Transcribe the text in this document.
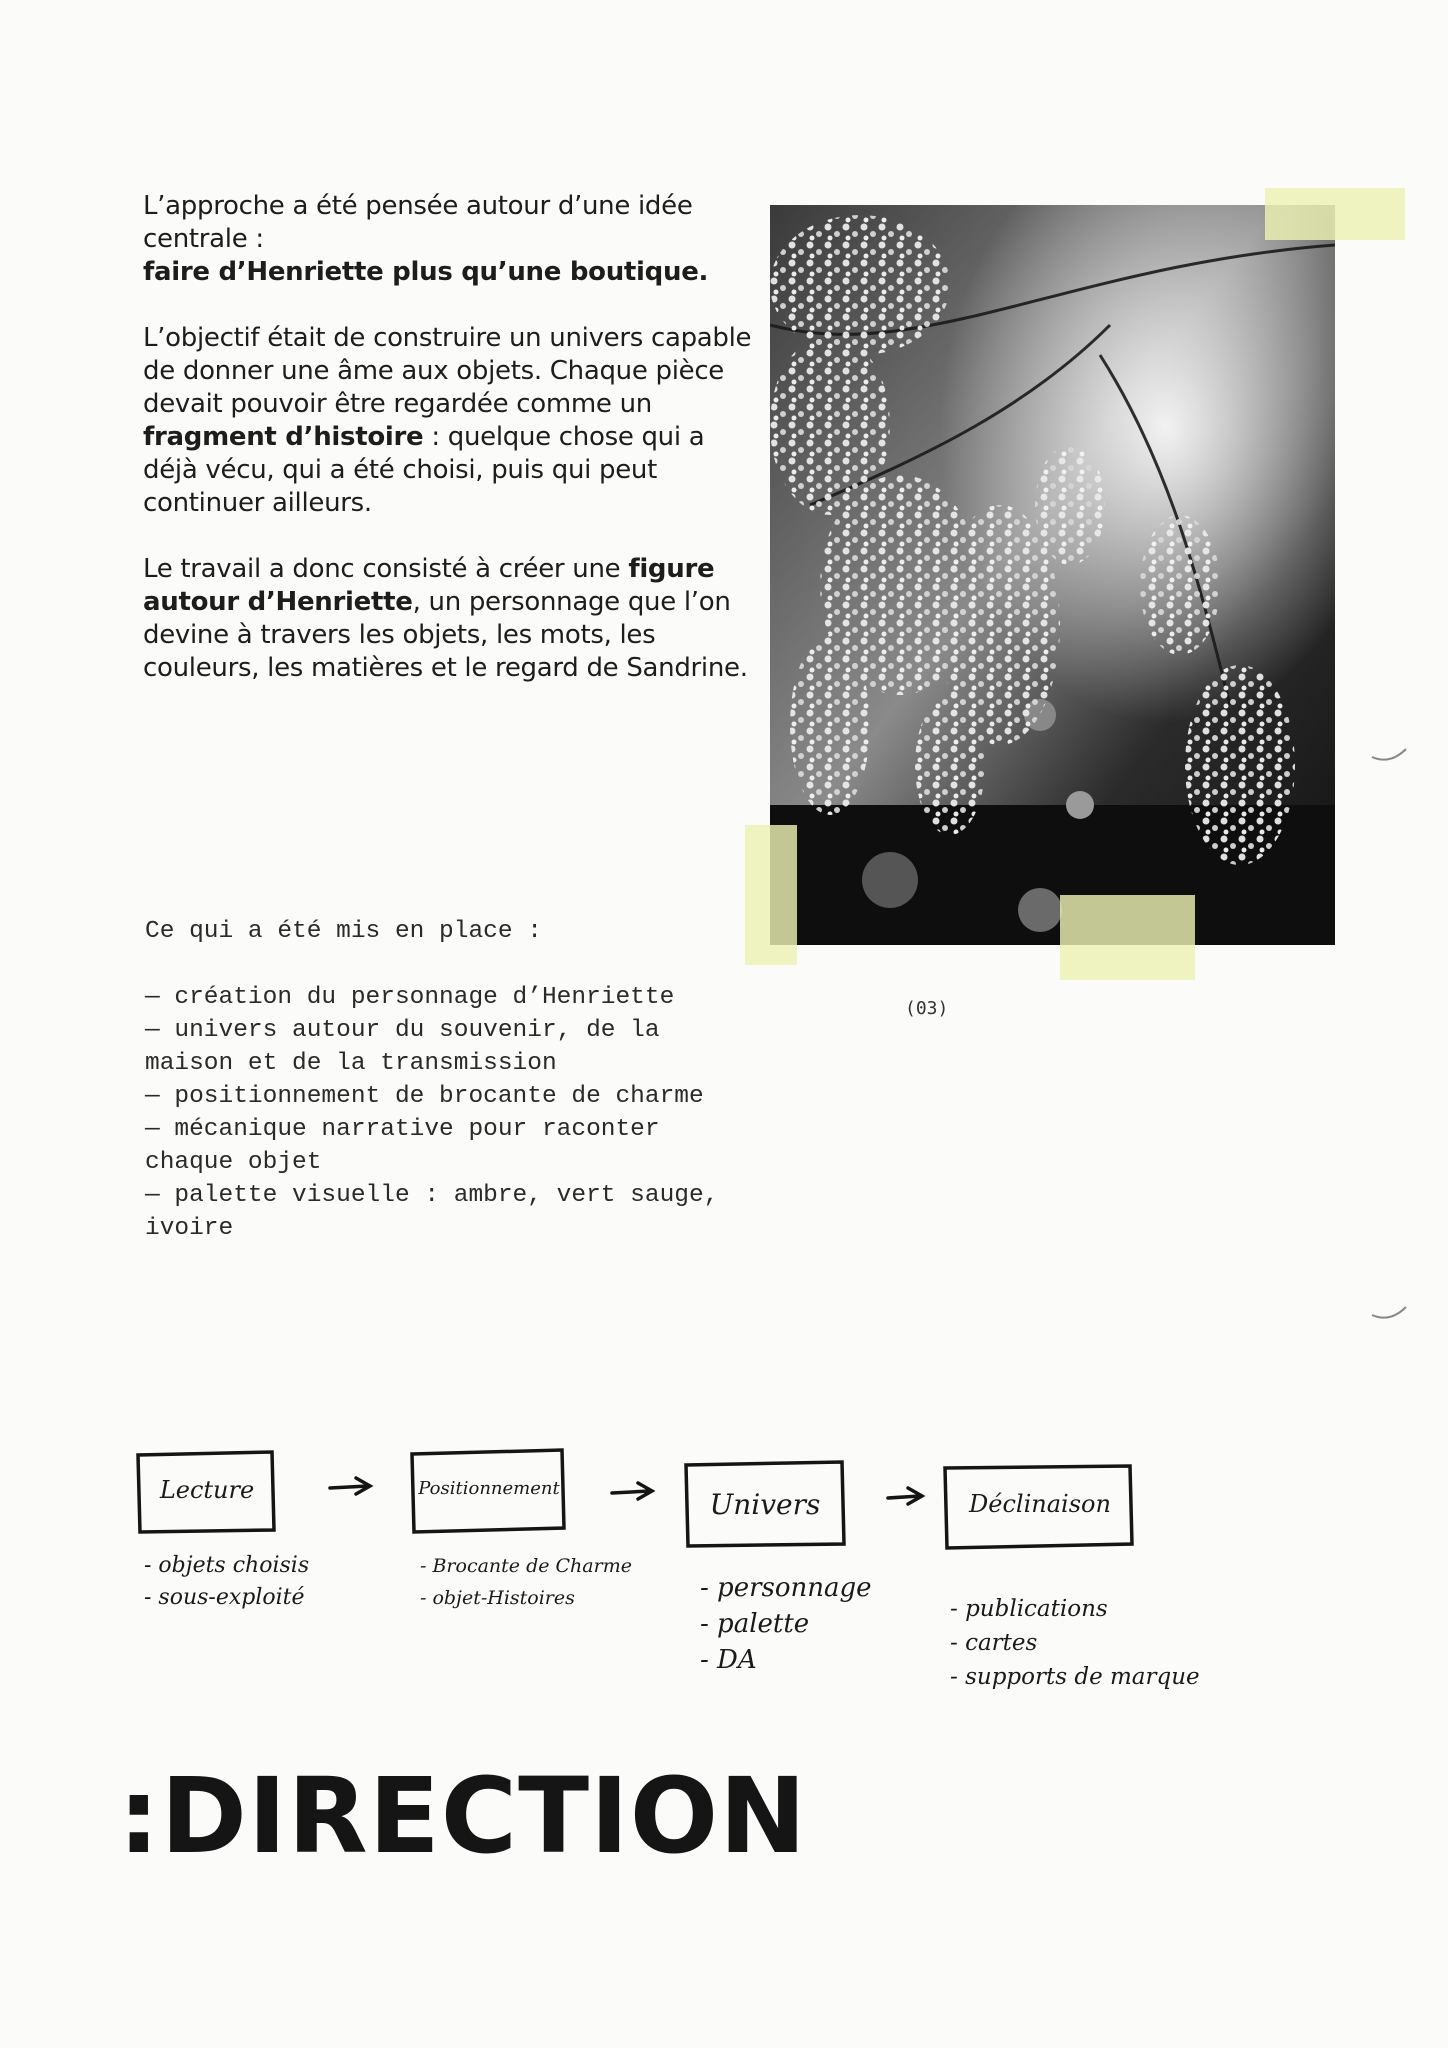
L’approche a été pensée autour d’une idée centrale :
faire d’Henriette plus qu’une boutique.

L’objectif était de construire un univers capable de donner une âme aux objets. Chaque pièce devait pouvoir être regardée comme un fragment d’histoire : quelque chose qui a déjà vécu, qui a été choisi, puis qui peut continuer ailleurs.

Le travail a donc consisté à créer une figure autour d’Henriette, un personnage que l’on devine à travers les objets, les mots, les couleurs, les matières et le regard de Sandrine.

(03)
Ce qui a été mis en place :
— création du personnage d’Henriette
— univers autour du souvenir, de la maison et de la transmission
— positionnement de brocante de charme
— mécanique narrative pour raconter chaque objet
— palette visuelle : ambre, vert sauge, ivoire
Lecture	Positionnement	Univers	Déclinaison
- objets choisis
- sous-exploité
- Brocante de Charme
- objet-Histoires	- personnage
- palette
- DA
- publications
- cartes
- supports de marque
:DIRECTION
